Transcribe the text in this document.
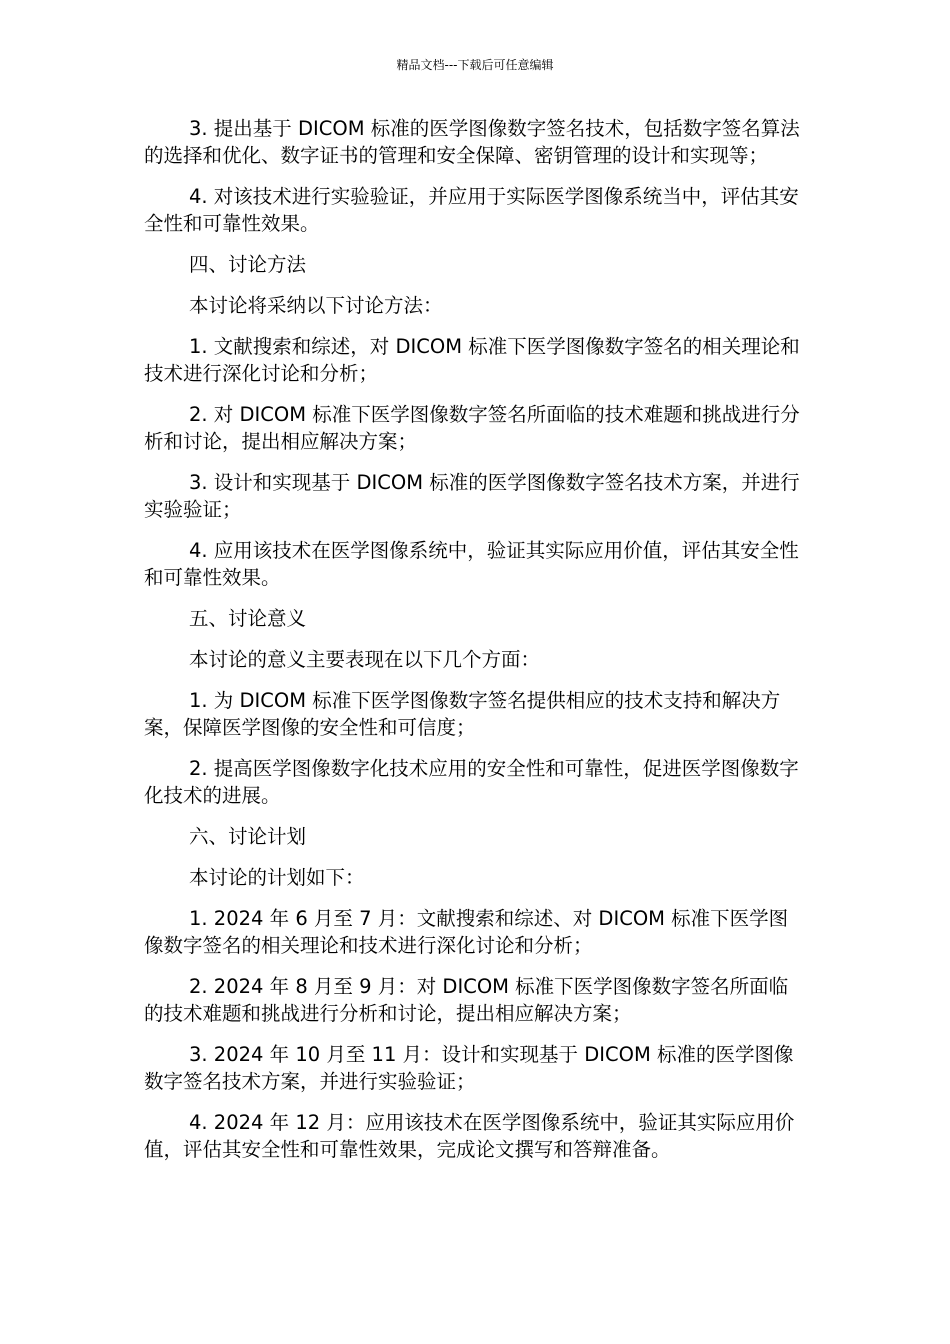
精品文档---下载后可任意编辑

3. 提出基于 DICOM 标准的医学图像数字签名技术，包括数字签名算法的选择和优化、数字证书的管理和安全保障、密钥管理的设计和实现等；

4. 对该技术进行实验验证，并应用于实际医学图像系统当中，评估其安全性和可靠性效果。

四、讨论方法

本讨论将采纳以下讨论方法：

1. 文献搜索和综述，对 DICOM 标准下医学图像数字签名的相关理论和技术进行深化讨论和分析；

2. 对 DICOM 标准下医学图像数字签名所面临的技术难题和挑战进行分析和讨论，提出相应解决方案；

3. 设计和实现基于 DICOM 标准的医学图像数字签名技术方案，并进行实验验证；

4. 应用该技术在医学图像系统中，验证其实际应用价值，评估其安全性和可靠性效果。

五、讨论意义

本讨论的意义主要表现在以下几个方面：

1. 为 DICOM 标准下医学图像数字签名提供相应的技术支持和解决方案，保障医学图像的安全性和可信度；

2. 提高医学图像数字化技术应用的安全性和可靠性，促进医学图像数字化技术的进展。

六、讨论计划

本讨论的计划如下：

1. 2024 年 6 月至 7 月：文献搜索和综述、对 DICOM 标准下医学图像数字签名的相关理论和技术进行深化讨论和分析；

2. 2024 年 8 月至 9 月：对 DICOM 标准下医学图像数字签名所面临的技术难题和挑战进行分析和讨论，提出相应解决方案；

3. 2024 年 10 月至 11 月：设计和实现基于 DICOM 标准的医学图像数字签名技术方案，并进行实验验证；

4. 2024 年 12 月：应用该技术在医学图像系统中，验证其实际应用价值，评估其安全性和可靠性效果，完成论文撰写和答辩准备。
